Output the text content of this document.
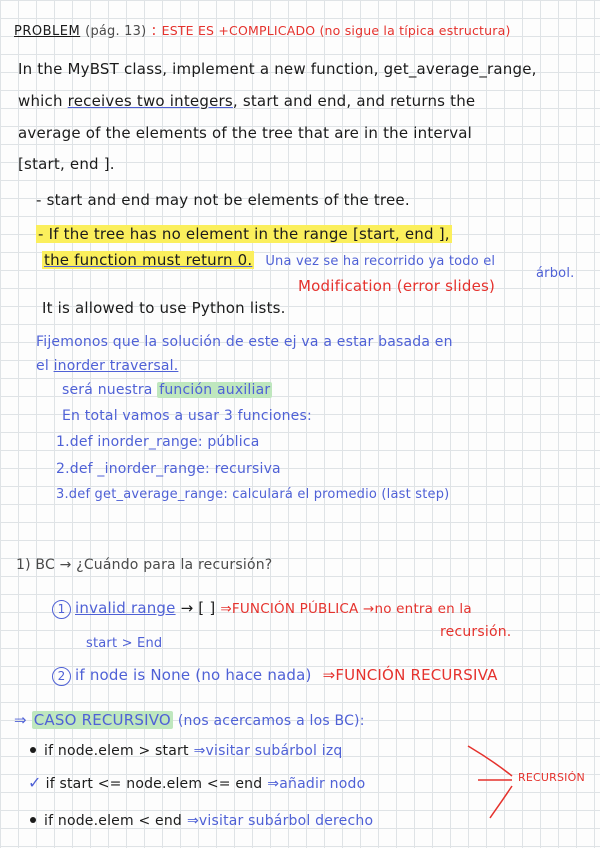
PROBLEM (pág. 13) : ESTE ES +COMPLICADO (no sigue la típica estructura)
In the MyBST class, implement a new function, get_average_range,
which receives two integers, start and end, and returns the
average of the elements of the tree that are in the interval
[start, end ].
- start and end may not be elements of the tree.
- If the tree has no element in the range [start, end ],
the function must return 0. Una vez se ha recorrido ya todo el
árbol.
Modification (error slides)
It is allowed to use Python lists.
Fijemonos que la solución de este ej va a estar basada en
el inorder traversal.
será nuestra función auxiliar
En total vamos a usar 3 funciones:
1.def inorder_range: pública
2.def _inorder_range: recursiva
3.def get_average_range: calculará el promedio (last step)
1) BC → ¿Cuándo para la recursión?
1 invalid range → [ ] ⇒FUNCIÓN PÚBLICA →no entra en la
recursión.
start > End
2 if node is None (no hace nada) ⇒FUNCIÓN RECURSIVA
⇒ CASO RECURSIVO (nos acercamos a los BC):
if node.elem > start ⇒visitar subárbol izq
✓ if start <= node.elem <= end ⇒añadir nodo
if node.elem < end ⇒visitar subárbol derecho
RECURSIÓN
